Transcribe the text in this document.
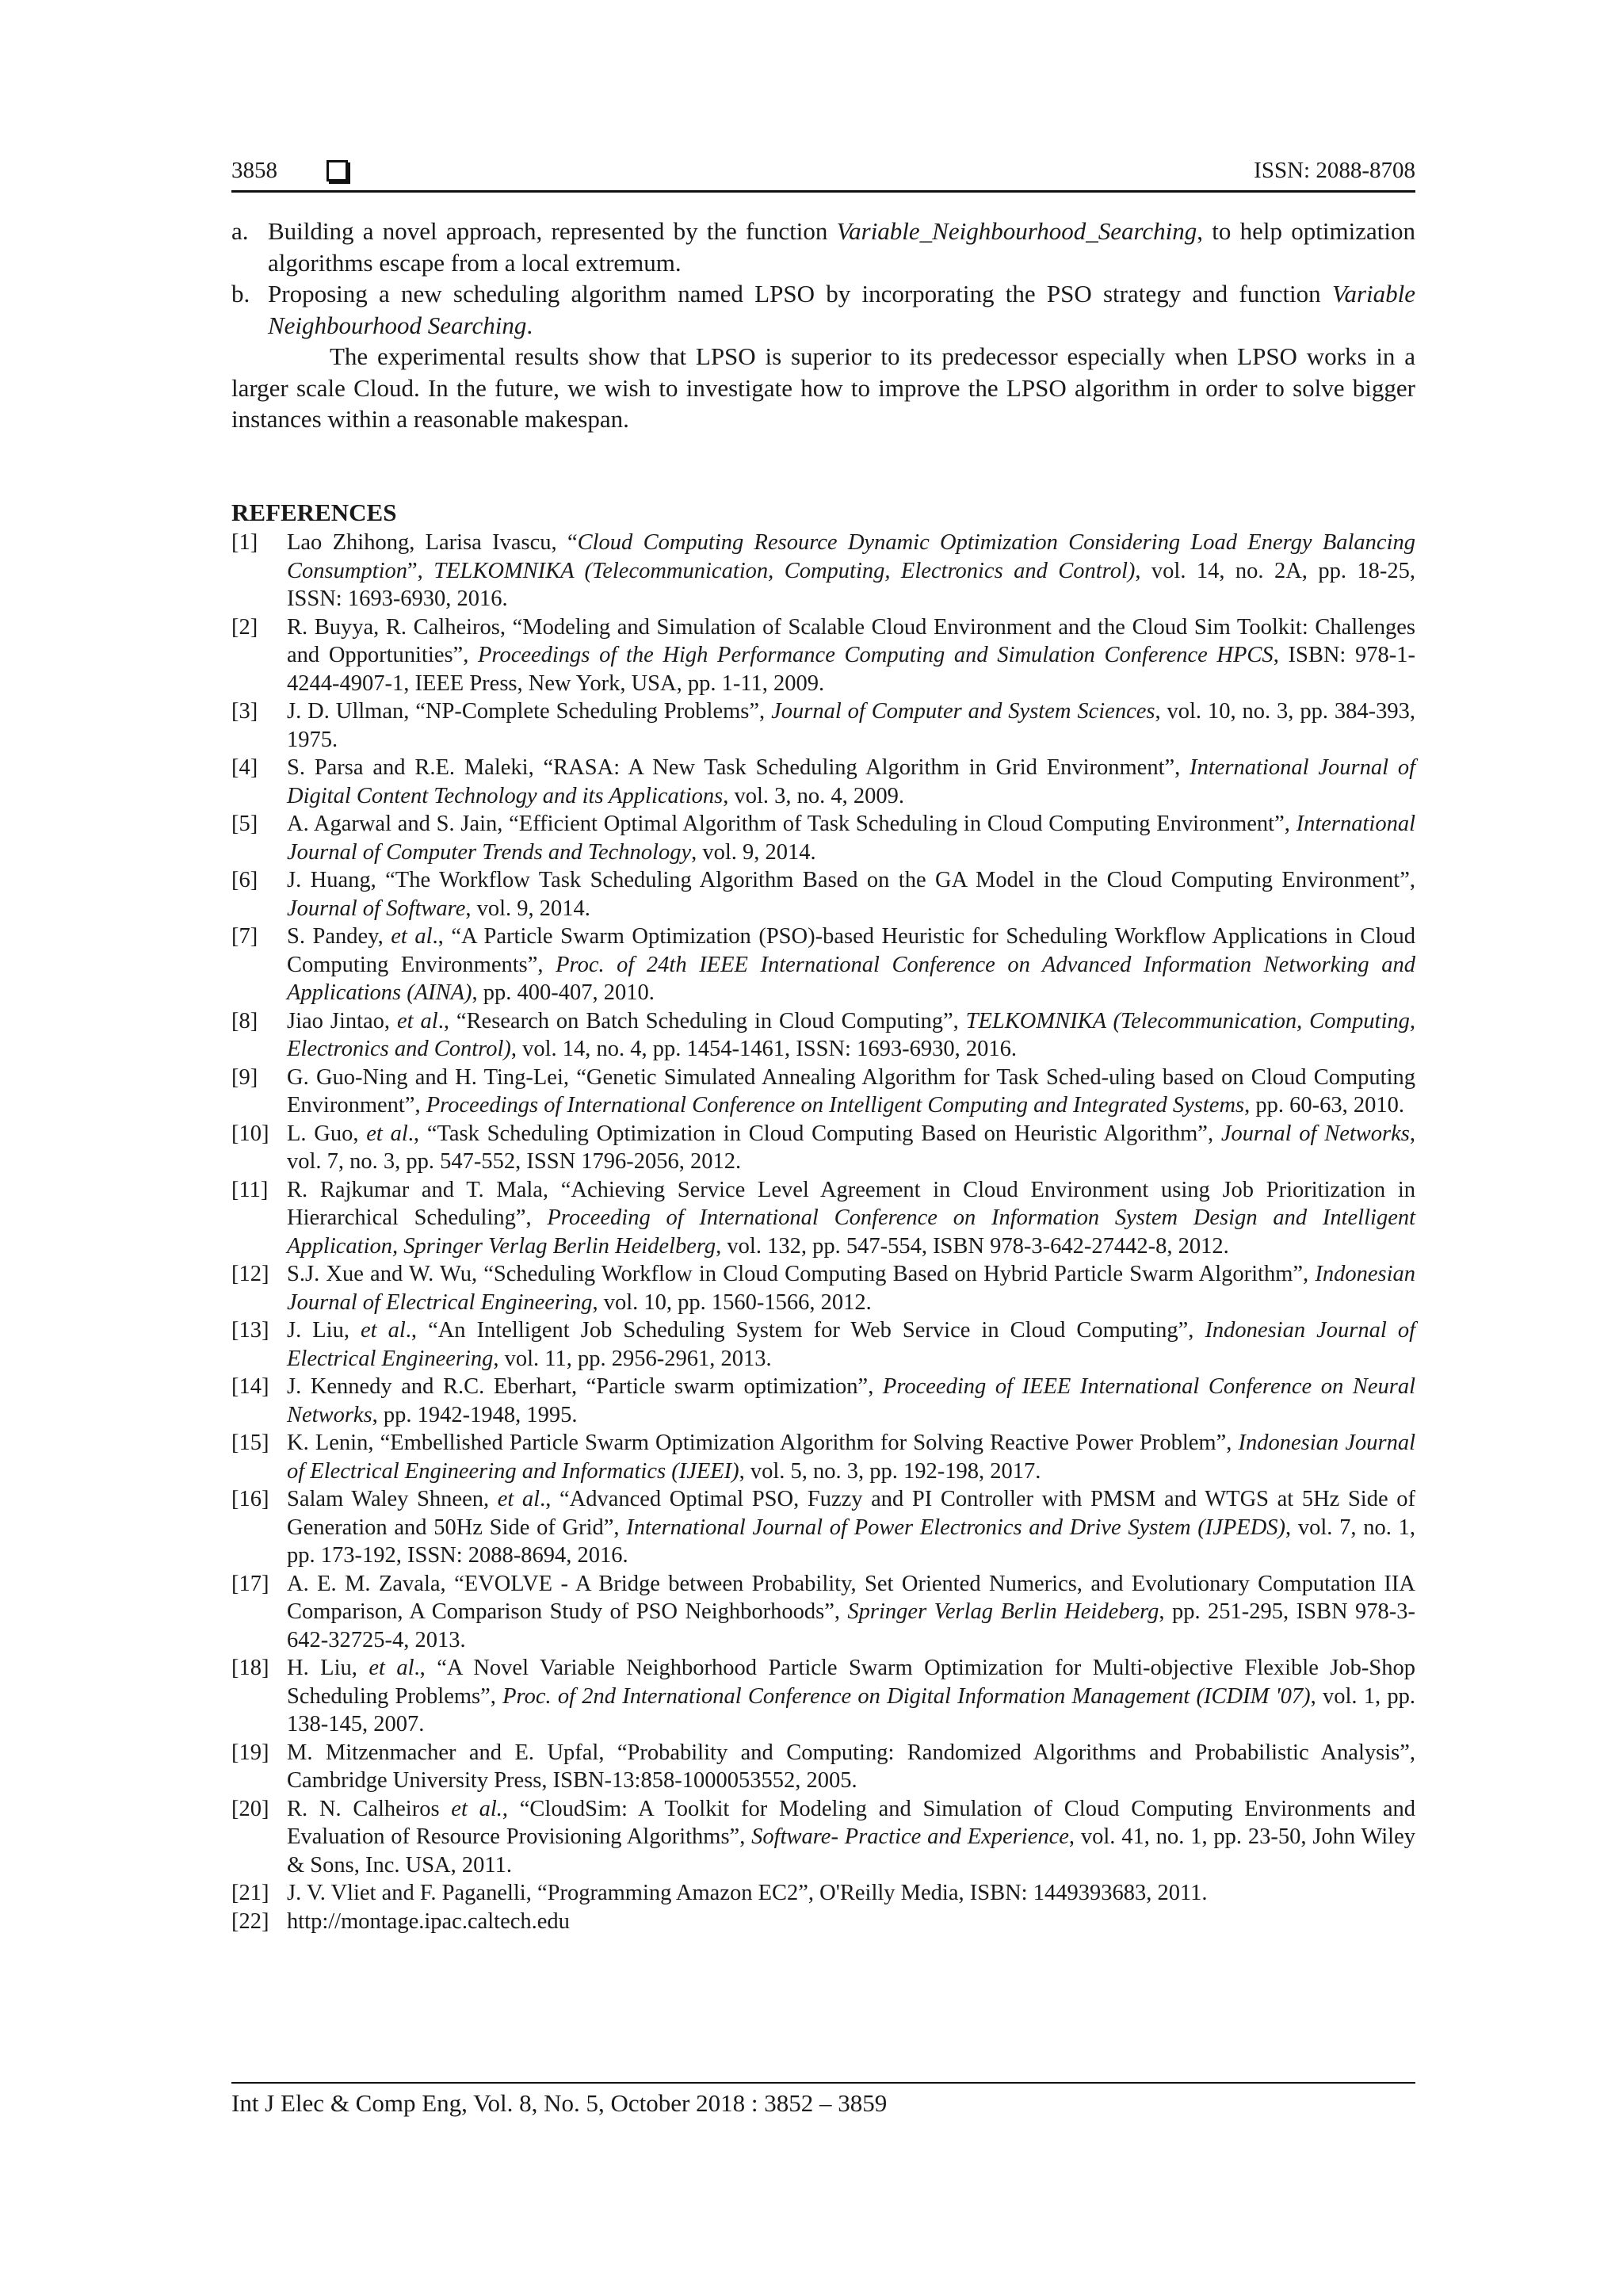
3858	ISSN: 2088-8708
a. Building a novel approach, represented by the function Variable_Neighbourhood_Searching, to help optimization algorithms escape from a local extremum.
b. Proposing a new scheduling algorithm named LPSO by incorporating the PSO strategy and function Variable Neighbourhood Searching.
The experimental results show that LPSO is superior to its predecessor especially when LPSO works in a larger scale Cloud. In the future, we wish to investigate how to improve the LPSO algorithm in order to solve bigger instances within a reasonable makespan.
REFERENCES
[1] Lao Zhihong, Larisa Ivascu, “Cloud Computing Resource Dynamic Optimization Considering Load Energy Balancing Consumption”, TELKOMNIKA (Telecommunication, Computing, Electronics and Control), vol. 14, no. 2A, pp. 18-25, ISSN: 1693-6930, 2016.
[2] R. Buyya, R. Calheiros, “Modeling and Simulation of Scalable Cloud Environment and the Cloud Sim Toolkit: Challenges and Opportunities”, Proceedings of the High Performance Computing and Simulation Conference HPCS, ISBN: 978-1-4244-4907-1, IEEE Press, New York, USA, pp. 1-11, 2009.
[3] J. D. Ullman, “NP-Complete Scheduling Problems”, Journal of Computer and System Sciences, vol. 10, no. 3, pp. 384-393, 1975.
[4] S. Parsa and R.E. Maleki, “RASA: A New Task Scheduling Algorithm in Grid Environment”, International Journal of Digital Content Technology and its Applications, vol. 3, no. 4, 2009.
[5] A. Agarwal and S. Jain, “Efficient Optimal Algorithm of Task Scheduling in Cloud Computing Environment”, International Journal of Computer Trends and Technology, vol. 9, 2014.
[6] J. Huang, “The Workflow Task Scheduling Algorithm Based on the GA Model in the Cloud Computing Environment”, Journal of Software, vol. 9, 2014.
[7] S. Pandey, et al., “A Particle Swarm Optimization (PSO)-based Heuristic for Scheduling Workflow Applications in Cloud Computing Environments”, Proc. of 24th IEEE International Conference on Advanced Information Networking and Applications (AINA), pp. 400-407, 2010.
[8] Jiao Jintao, et al., “Research on Batch Scheduling in Cloud Computing”, TELKOMNIKA (Telecommunication, Computing, Electronics and Control), vol. 14, no. 4, pp. 1454-1461, ISSN: 1693-6930, 2016.
[9] G. Guo-Ning and H. Ting-Lei, “Genetic Simulated Annealing Algorithm for Task Sched-uling based on Cloud Computing Environment”, Proceedings of International Conference on Intelligent Computing and Integrated Systems, pp. 60-63, 2010.
[10] L. Guo, et al., “Task Scheduling Optimization in Cloud Computing Based on Heuristic Algorithm”, Journal of Networks, vol. 7, no. 3, pp. 547-552, ISSN 1796-2056, 2012.
[11] R. Rajkumar and T. Mala, “Achieving Service Level Agreement in Cloud Environment using Job Prioritization in Hierarchical Scheduling”, Proceeding of International Conference on Information System Design and Intelligent Application, Springer Verlag Berlin Heidelberg, vol. 132, pp. 547-554, ISBN 978-3-642-27442-8, 2012.
[12] S.J. Xue and W. Wu, “Scheduling Workflow in Cloud Computing Based on Hybrid Particle Swarm Algorithm”, Indonesian Journal of Electrical Engineering, vol. 10, pp. 1560-1566, 2012.
[13] J. Liu, et al., “An Intelligent Job Scheduling System for Web Service in Cloud Computing”, Indonesian Journal of Electrical Engineering, vol. 11, pp. 2956-2961, 2013.
[14] J. Kennedy and R.C. Eberhart, “Particle swarm optimization”, Proceeding of IEEE International Conference on Neural Networks, pp. 1942-1948, 1995.
[15] K. Lenin, “Embellished Particle Swarm Optimization Algorithm for Solving Reactive Power Problem”, Indonesian Journal of Electrical Engineering and Informatics (IJEEI), vol. 5, no. 3, pp. 192-198, 2017.
[16] Salam Waley Shneen, et al., “Advanced Optimal PSO, Fuzzy and PI Controller with PMSM and WTGS at 5Hz Side of Generation and 50Hz Side of Grid”, International Journal of Power Electronics and Drive System (IJPEDS), vol. 7, no. 1, pp. 173-192, ISSN: 2088-8694, 2016.
[17] A. E. M. Zavala, “EVOLVE - A Bridge between Probability, Set Oriented Numerics, and Evolutionary Computation IIA Comparison, A Comparison Study of PSO Neighborhoods”, Springer Verlag Berlin Heideberg, pp. 251-295, ISBN 978-3-642-32725-4, 2013.
[18] H. Liu, et al., “A Novel Variable Neighborhood Particle Swarm Optimization for Multi-objective Flexible Job-Shop Scheduling Problems”, Proc. of 2nd International Conference on Digital Information Management (ICDIM '07), vol. 1, pp. 138-145, 2007.
[19] M. Mitzenmacher and E. Upfal, “Probability and Computing: Randomized Algorithms and Probabilistic Analysis”, Cambridge University Press, ISBN-13:858-1000053552, 2005.
[20] R. N. Calheiros et al., “CloudSim: A Toolkit for Modeling and Simulation of Cloud Computing Environments and Evaluation of Resource Provisioning Algorithms”, Software- Practice and Experience, vol. 41, no. 1, pp. 23-50, John Wiley & Sons, Inc. USA, 2011.
[21] J. V. Vliet and F. Paganelli, “Programming Amazon EC2”, O'Reilly Media, ISBN: 1449393683, 2011.
[22] http://montage.ipac.caltech.edu
Int J Elec & Comp Eng, Vol. 8, No. 5, October 2018 : 3852 – 3859
